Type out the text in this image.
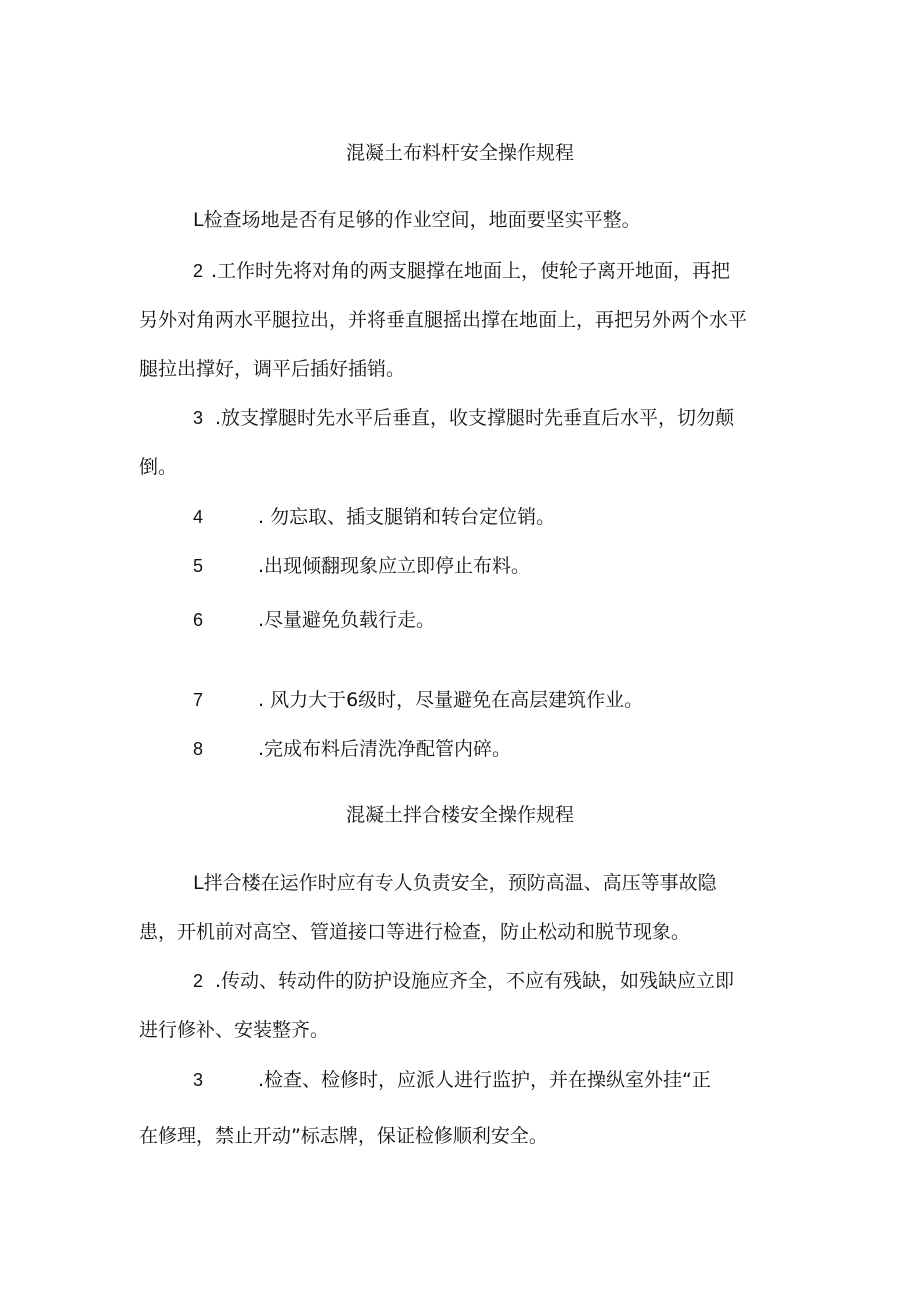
混凝土布料杆安全操作规程
L检查场地是否有足够的作业空间，地面要坚实平整。
2 .工作时先将对角的两支腿撑在地面上，使轮子离开地面，再把
另外对角两水平腿拉出，并将垂直腿摇出撑在地面上，再把另外两个水平
腿拉出撑好，调平后插好插销。
3 .放支撑腿时先水平后垂直，收支撑腿时先垂直后水平，切勿颠
倒。
4	. 勿忘取、插支腿销和转台定位销。
5	.出现倾翻现象应立即停止布料。
6	.尽量避免负载行走。
7	. 风力大于6级时，尽量避免在高层建筑作业。
8	.完成布料后清洗净配管内碎。
混凝土拌合楼安全操作规程
L拌合楼在运作时应有专人负责安全，预防高温、高压等事故隐
患，开机前对高空、管道接口等进行检查，防止松动和脱节现象。
2 .传动、转动件的防护设施应齐全，不应有残缺，如残缺应立即
进行修补、安装整齐。
3	.检查、检修时，应派人进行监护，并在操纵室外挂“正
在修理，禁止开动”标志牌，保证检修顺利安全。
